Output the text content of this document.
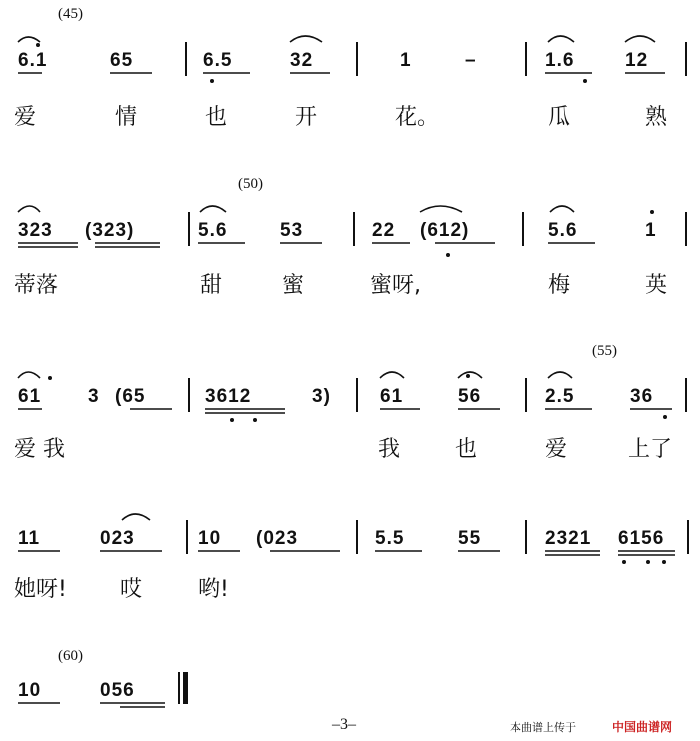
(45)
6.1	65	6.5	32	1	–	1.6	12
爱	情	也	开	花。	瓜	熟
(50)
323 (323)	5.6	53	22 (612)	5.6	1
蒂落	甜	蜜	蜜呀,	梅	英
(55)
61 3 (65	3612	3)	61	56	2.5	36
爱 我	我 也	爱	上了
11	023	10 (023	5.5	55	2321 6156
她呀! 哎	哟!
(60)
10	056
–3–	本曲谱上传于	中国曲谱网
